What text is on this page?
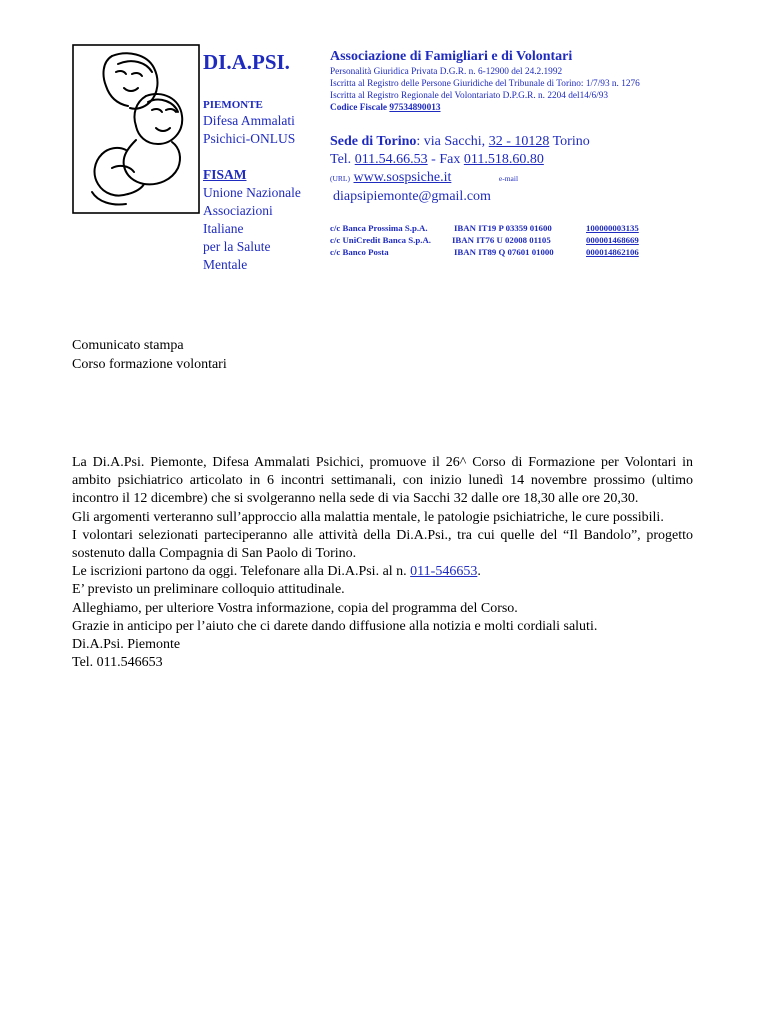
DI.A.PSI.
PIEMONTE
Difesa Ammalati
Psichici-ONLUS
FISAM
Unione Nazionale
Associazioni
Italiane
per la Salute
Mentale
Associazione di Famigliari e di Volontari
Personalità Giuridica Privata D.G.R. n. 6-12900 del 24.2.1992
Iscritta al Registro delle Persone Giuridiche del Tribunale di Torino: 1/7/93 n. 1276
Iscritta al Registro Regionale del Volontariato D.P.G.R. n. 2204 del14/6/93
Codice Fiscale 97534890013
Sede di Torino: via Sacchi, 32 - 10128 Torino
Tel. 011.54.66.53 - Fax 011.518.60.80
(URL) www.sospsiche.it	e-mail
diapsipiemonte@gmail.com
c/c Banca Prossima S.p.A.	IBAN IT19 P 03359 01600	100000003135
c/c UniCredit Banca S.p.A. IBAN IT76 U 02008 01105	000001468669
c/c Banco Posta	IBAN IT89 Q 07601 01000	000014862106
Comunicato stampa
Corso formazione volontari

La Di.A.Psi. Piemonte, Difesa Ammalati Psichici, promuove il 26^ Corso di Formazione per Volontari in ambito psichiatrico articolato in 6 incontri settimanali, con inizio lunedì 14 novembre prossimo (ultimo incontro il 12 dicembre) che si svolgeranno nella sede di via Sacchi 32 dalle ore 18,30 alle ore 20,30.

Gli argomenti verteranno sull’approccio alla malattia mentale, le patologie psichiatriche, le cure possibili.

I volontari selezionati parteciperanno alle attività della Di.A.Psi., tra cui quelle del “Il Bandolo”, progetto sostenuto dalla Compagnia di San Paolo di Torino.

Le iscrizioni partono da oggi. Telefonare alla Di.A.Psi. al n. 011-546653.

E’ previsto un preliminare colloquio attitudinale.

Alleghiamo, per ulteriore Vostra informazione, copia del programma del Corso.

Grazie in anticipo per l’aiuto che ci darete dando diffusione alla notizia e molti cordiali saluti.

Di.A.Psi. Piemonte

Tel. 011.546653
